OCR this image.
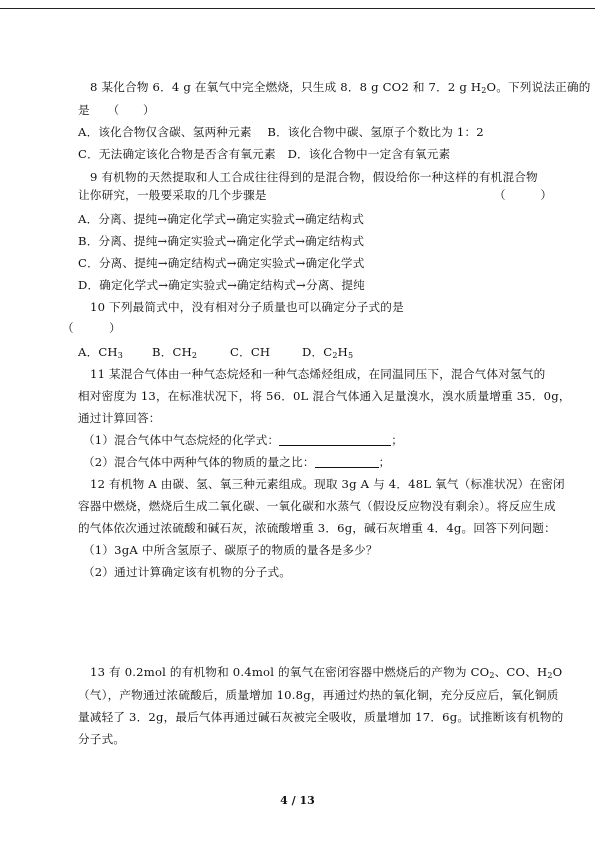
8 某化合物 6．4 g 在氧气中完全燃烧，只生成 8．8 g CO2 和 7．2 g $H_2O$。下列说法正确的
是　　（　　）
A．该化合物仅含碳、氢两种元素　 B．该化合物中碳、氢原子个数比为 1：2
C．无法确定该化合物是否含有氧元素　D．该化合物中一定含有氧元素
9 有机物的天然提取和人工合成往往得到的是混合物，假设给你一种这样的有机混合物
让你研究，一般要采取的几个步骤是	（　　　）
A．分离、提纯→确定化学式→确定实验式→确定结构式
B．分离、提纯→确定实验式→确定化学式→确定结构式
C．分离、提纯→确定结构式→确定实验式→确定化学式
D．确定化学式→确定实验式→确定结构式→分离、提纯
10 下列最简式中，没有相对分子质量也可以确定分子式的是
（　　　）
A．$CH_3$ B．$CH_2$	C．CH	D．$C_2H_5$
11 某混合气体由一种气态烷烃和一种气态烯烃组成，在同温同压下，混合气体对氢气的
相对密度为 13，在标准状况下，将 56．0L 混合气体通入足量溴水，溴水质量增重 35．0g，
通过计算回答：
（1）混合气体中气态烷烃的化学式：	；
（2）混合气体中两种气体的物质的量之比：	；
12 有机物 A 由碳、氢、氧三种元素组成。现取 3g A 与 4．48L 氧气（标准状况）在密闭
容器中燃烧，燃烧后生成二氧化碳、一氧化碳和水蒸气（假设反应物没有剩余）。将反应生成
的气体依次通过浓硫酸和碱石灰，浓硫酸增重 3．6g，碱石灰增重 4．4g。回答下列问题：
（1）3gA 中所含氢原子、碳原子的物质的量各是多少？
（2）通过计算确定该有机物的分子式。
13 有 0.2mol 的有机物和 0.4mol 的氧气在密闭容器中燃烧后的产物为 $CO_2$、CO、$H_2O$
（气），产物通过浓硫酸后，质量增加 10.8g，再通过灼热的氧化铜，充分反应后，氧化铜质
量减轻了 3．2g，最后气体再通过碱石灰被完全吸收，质量增加 17．6g。试推断该有机物的
分子式。
4 / 13
